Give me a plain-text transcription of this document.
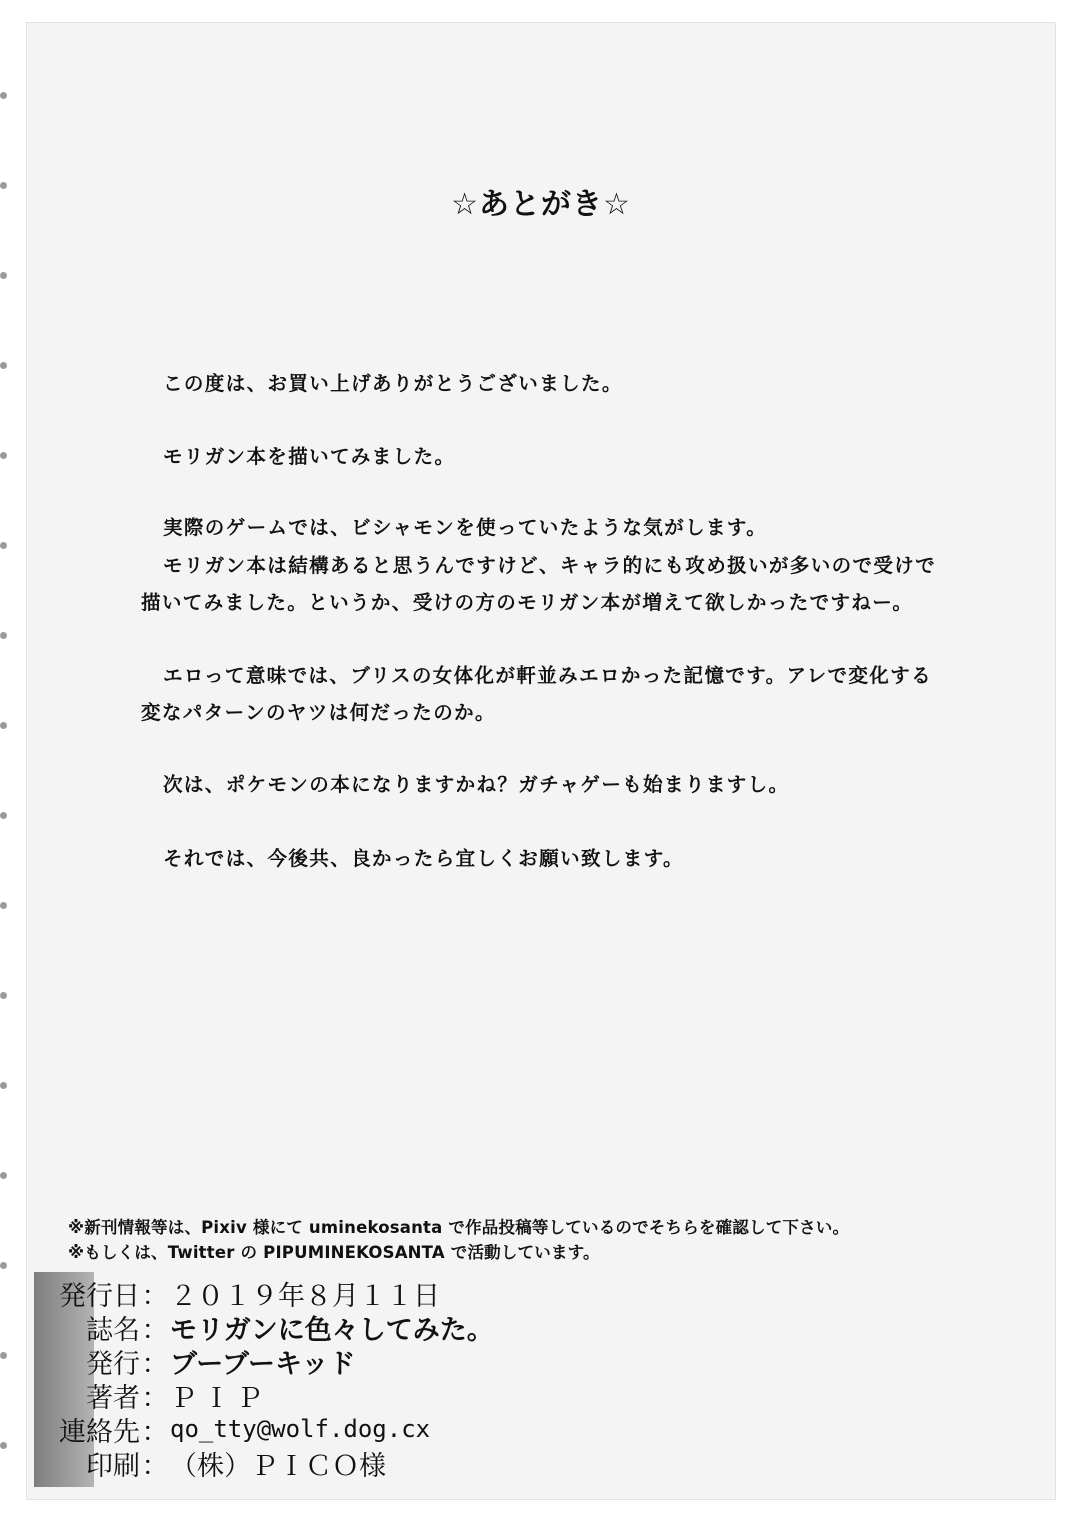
☆あとがき☆
この度は、お買い上げありがとうございました。
モリガン本を描いてみました。
実際のゲームでは、ビシャモンを使っていたような気がします。
モリガン本は結構あると思うんですけど、キャラ的にも攻め扱いが多いので受けで
描いてみました。というか、受けの方のモリガン本が増えて欲しかったですねー。
エロって意味では、ブリスの女体化が軒並みエロかった記憶です。アレで変化する
変なパターンのヤツは何だったのか。
次は、ポケモンの本になりますかね？ガチャゲーも始まりますし。
それでは、今後共、良かったら宜しくお願い致します。
※新刊情報等は、Pixiv 様にて uminekosanta で作品投稿等しているのでそちらを確認して下さい。
※もしくは、Twitter の PIPUMINEKOSANTA で活動しています。
発行日 ： ２０１９年８月１１日
誌名 ： モリガンに色々してみた。
発行 ： ブーブーキッド
著者 ： ＰＩＰ
連絡先 ： qo_tty@wolf.dog.cx
印刷 ： （株）ＰＩＣＯ様
